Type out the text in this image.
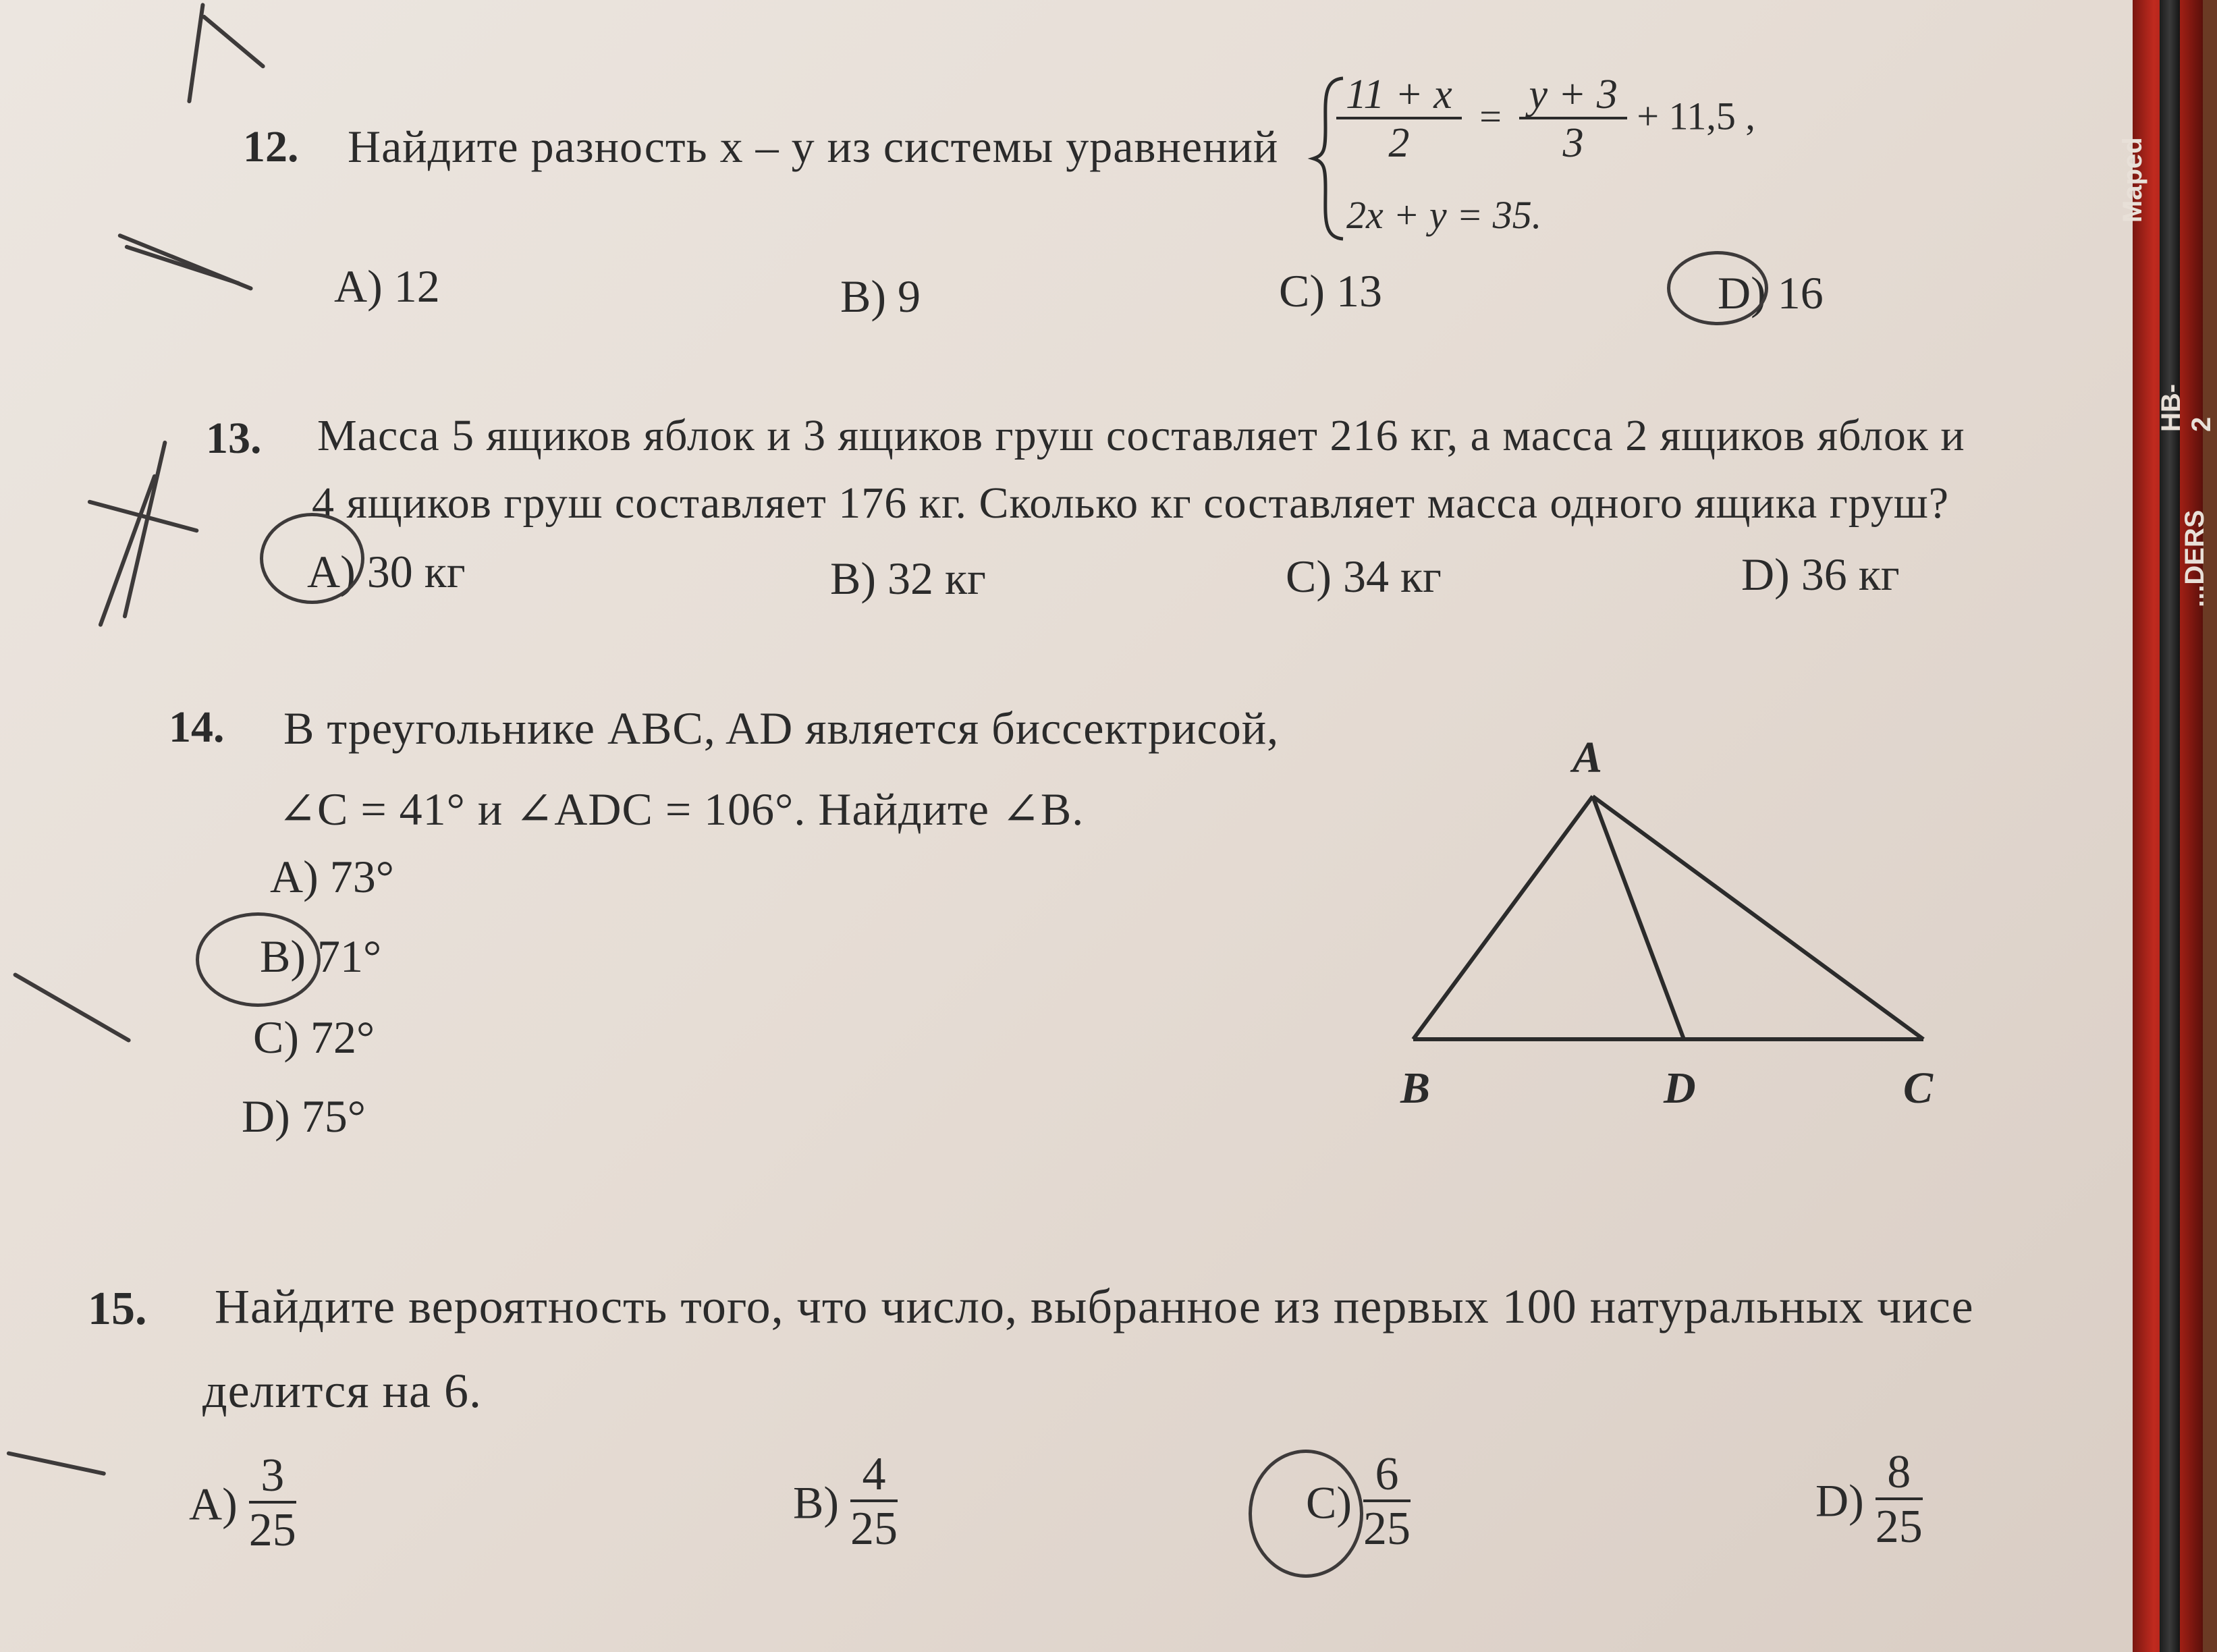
12. Найдите разность x – y из системы уравнений $\frac{11 + x}{2} = \frac{y + 3}{3} + 11,5$ ,
2x + y = 35.
A) 12	B) 9	C) 13	D) 16
13. Масса 5 ящиков яблок и 3 ящиков груш составляет 216 кг, а масса 2 ящиков яблок и
4 ящиков груш составляет 176 кг. Сколько кг составляет масса одного ящика груш?
A) 30 кг	B) 32 кг	C) 34 кг	D) 36 кг
14. В треугольнике ABC, AD является биссектрисой,
∠C = 41° и ∠ADC = 106°. Найдите ∠B.
A) 73°
B) 71°
C) 72°
D) 75°
A
B	D	C
15. Найдите вероятность того, что число, выбранное из первых 100 натуральных чисе
делится на 6.
$A) \frac{3}{25}$	$B) \frac{4}{25}$	$C) \frac{6}{25}$	$D) \frac{8}{25}$
Maped
HB-2
...DERS
